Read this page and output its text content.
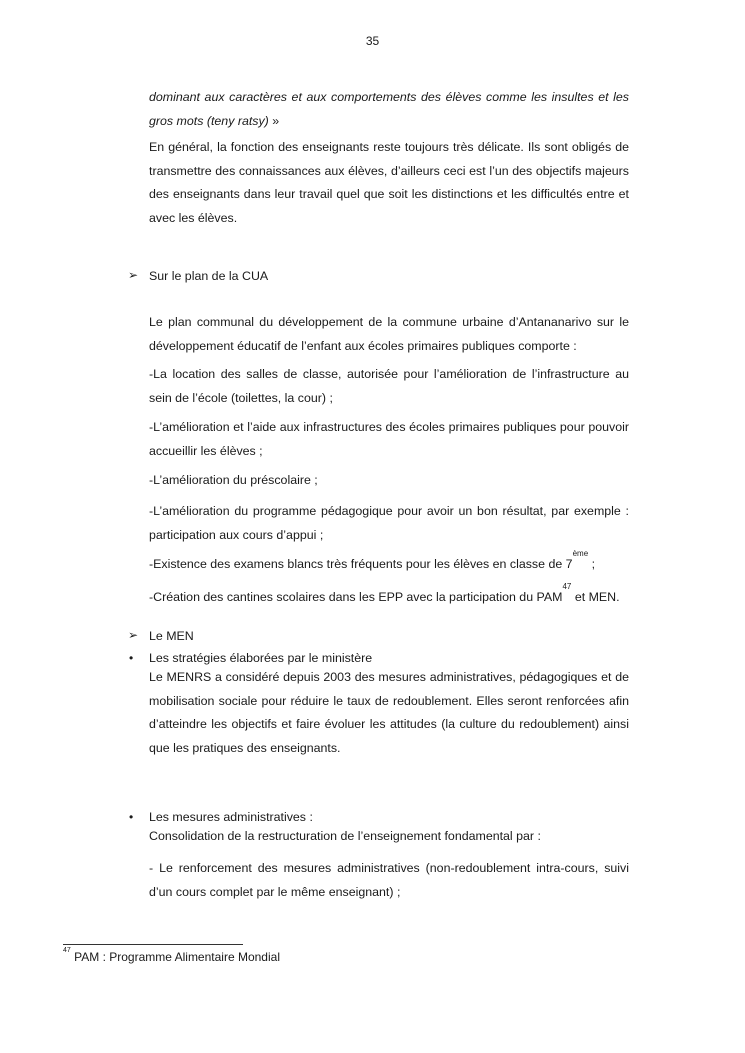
35
dominant aux caractères et aux comportements des élèves comme les insultes et les gros mots (teny ratsy) »
En général, la fonction des enseignants reste toujours très délicate. Ils sont obligés de transmettre des connaissances aux élèves, d’ailleurs ceci est l’un des objectifs majeurs des enseignants dans leur travail quel que soit les distinctions et les difficultés entre et avec les élèves.
➢ Sur le plan de la CUA
Le plan communal du développement de la commune urbaine d’Antananarivo sur le développement éducatif de l’enfant aux écoles primaires publiques comporte :
-La location des salles de classe, autorisée pour l’amélioration de l’infrastructure au sein de l’école (toilettes, la cour) ;
-L’amélioration et l’aide aux infrastructures des écoles primaires publiques pour pouvoir accueillir les élèves ;
-L’amélioration du préscolaire ;
-L’amélioration du programme pédagogique pour avoir un bon résultat, par exemple : participation aux cours d’appui ;
-Existence des examens blancs très fréquents pour les élèves en classe de 7ème ;
-Création des cantines scolaires dans les EPP avec la participation du PAM$^{47}$ et MEN.
➢ Le MEN
• Les stratégies élaborées par le ministère
Le MENRS a considéré depuis 2003 des mesures administratives, pédagogiques et de mobilisation sociale pour réduire le taux de redoublement. Elles seront renforcées afin d’atteindre les objectifs et faire évoluer les attitudes (la culture du redoublement) ainsi que les pratiques des enseignants.
• Les mesures administratives :
Consolidation de la restructuration de l’enseignement fondamental par :
- Le renforcement des mesures administratives (non-redoublement intra-cours, suivi d’un cours complet par le même enseignant) ;
$^{47}$ PAM : Programme Alimentaire Mondial
